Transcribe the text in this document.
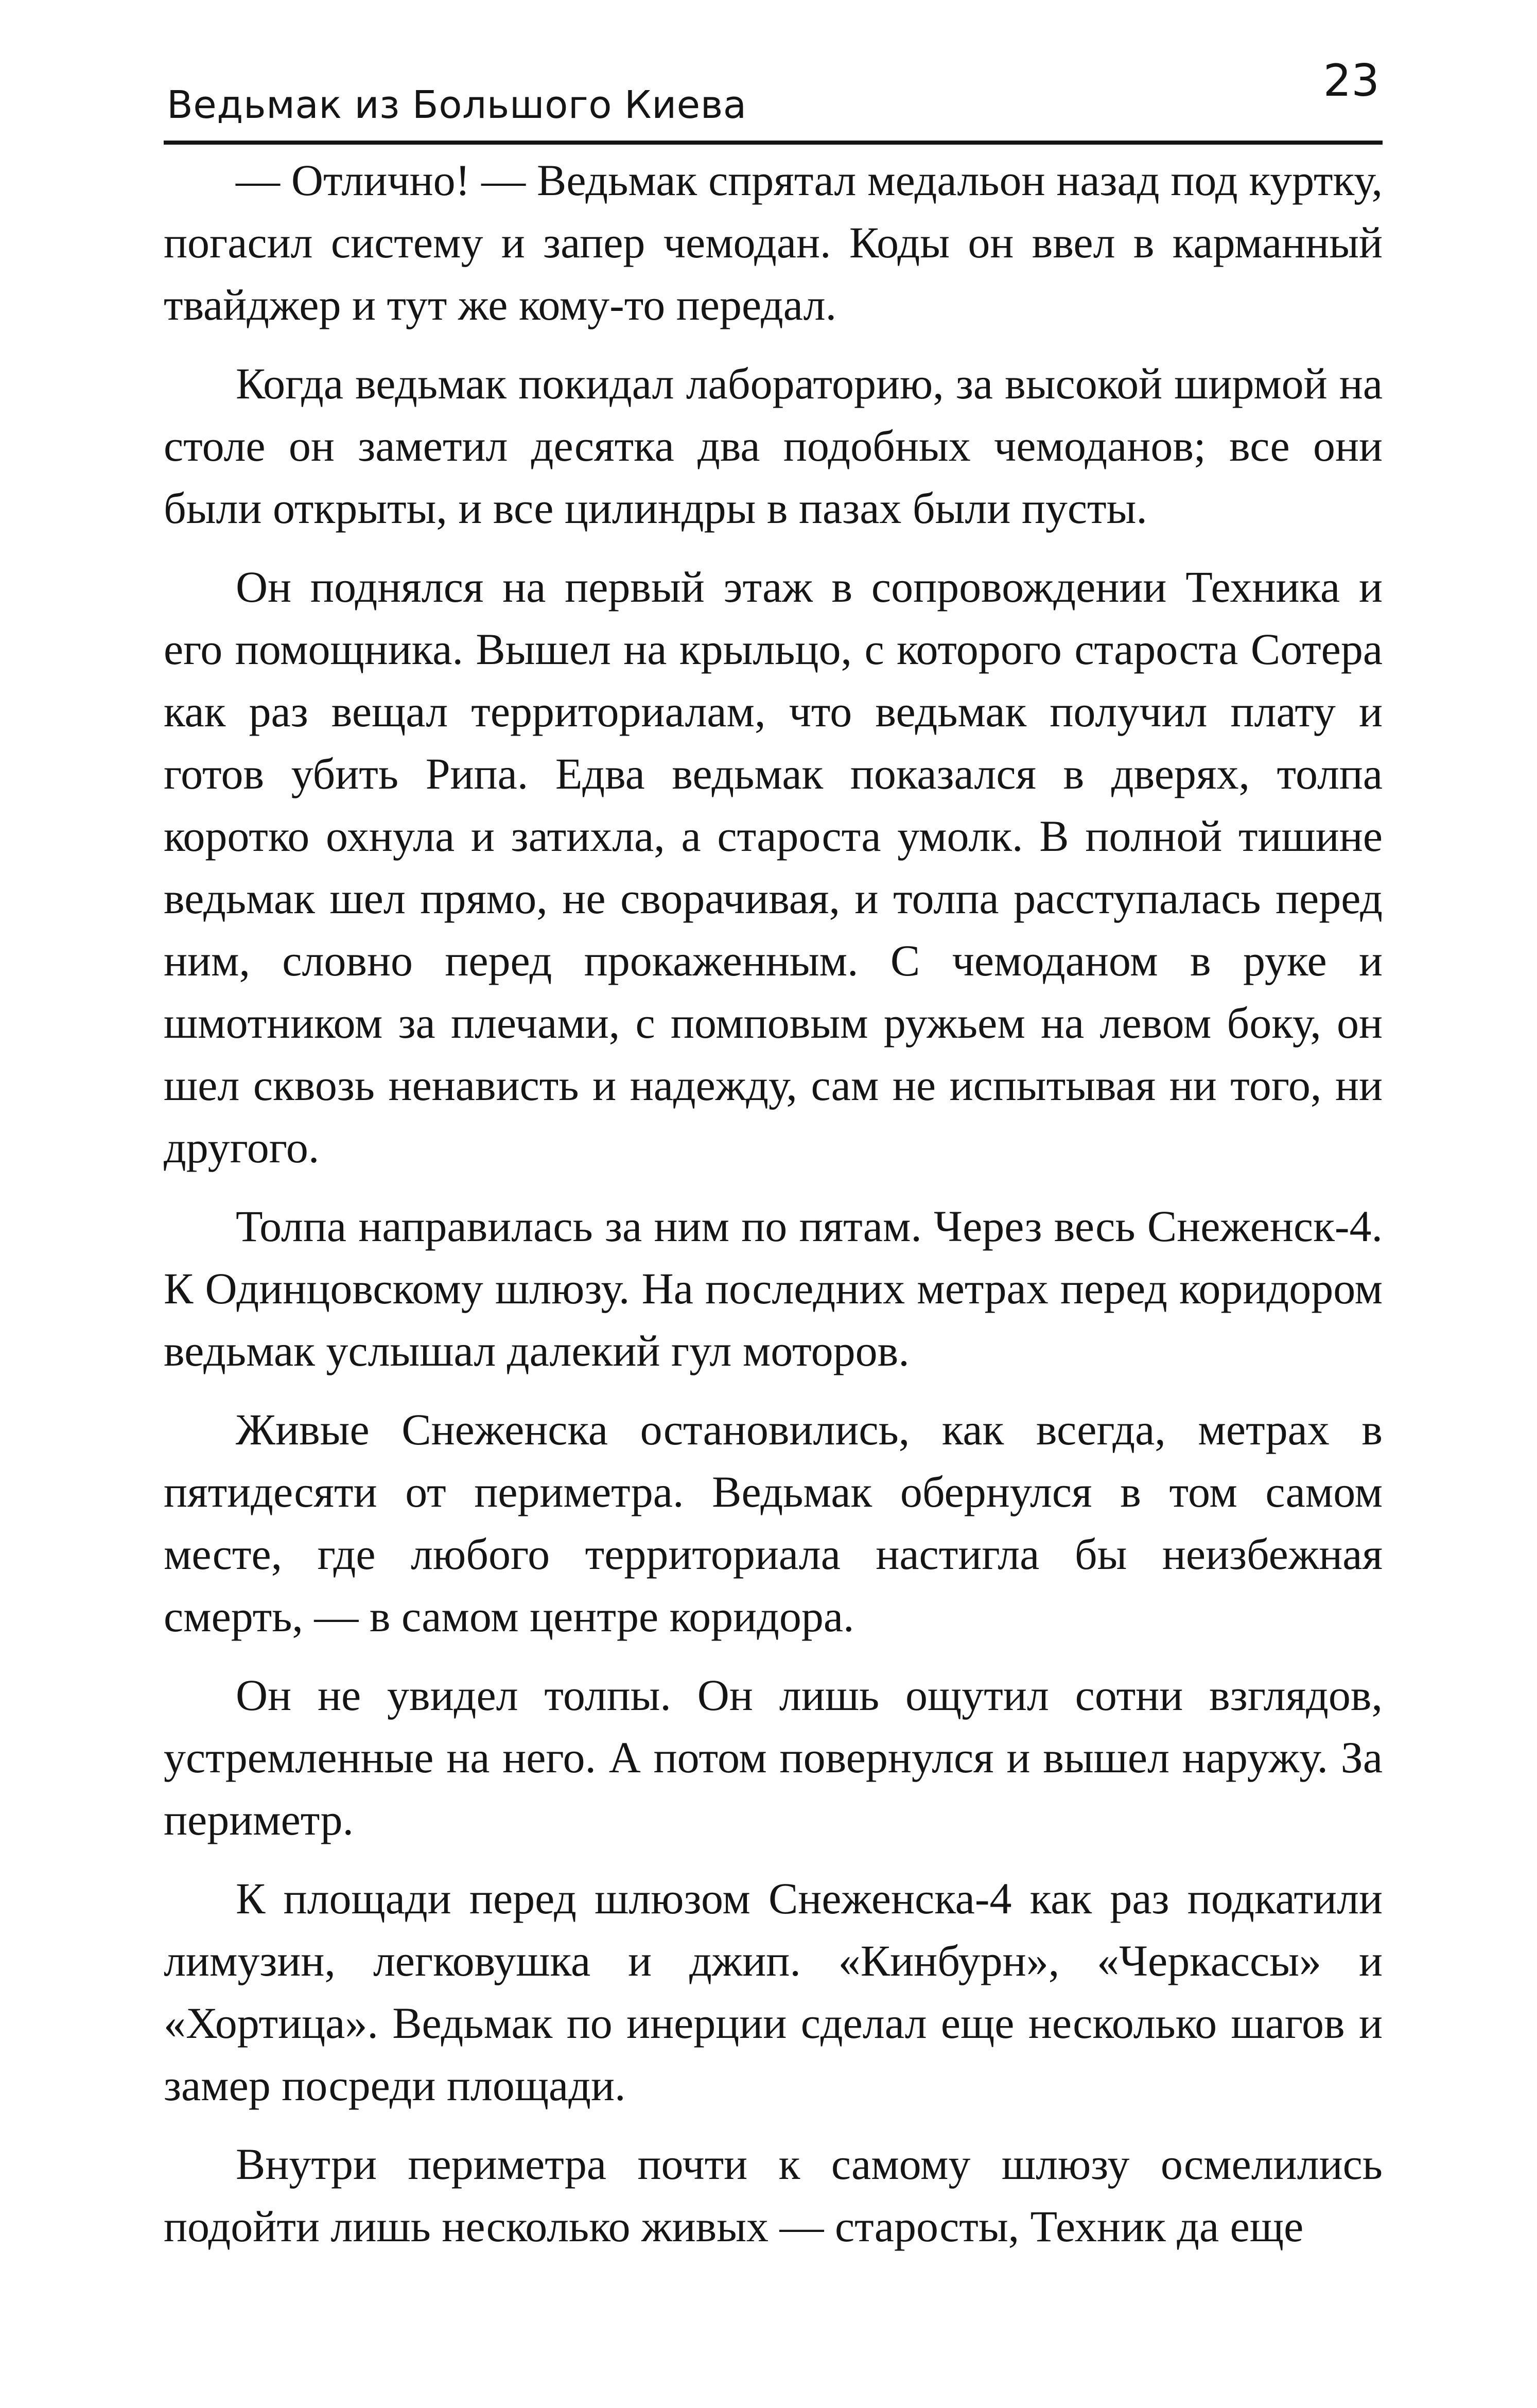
Ведьмак из Большого Киева	23

— Отлично! — Ведьмак спрятал медальон назад под куртку, погасил систему и запер чемодан. Коды он ввел в карманный твайджер и тут же кому-то передал.

Когда ведьмак покидал лабораторию, за высокой ширмой на столе он заметил десятка два подобных чемоданов; все они были открыты, и все цилиндры в пазах были пусты.

Он поднялся на первый этаж в сопровождении Техника и его помощника. Вышел на крыльцо, с которого староста Сотера как раз вещал территориалам, что ведьмак получил плату и готов убить Рипа. Едва ведьмак показался в дверях, толпа коротко охнула и затихла, а староста умолк. В полной тишине ведьмак шел прямо, не сворачивая, и толпа расступалась перед ним, словно перед прокаженным. С чемоданом в руке и шмотником за плечами, с помповым ружьем на левом боку, он шел сквозь ненависть и надежду, сам не испытывая ни того, ни другого.

Толпа направилась за ним по пятам. Через весь Снеженск-4. К Одинцовскому шлюзу. На последних метрах перед коридором ведьмак услышал далекий гул моторов.

Живые Снеженска остановились, как всегда, метрах в пятидесяти от периметра. Ведьмак обернулся в том самом месте, где любого территориала настигла бы неизбежная смерть, — в самом центре коридора.

Он не увидел толпы. Он лишь ощутил сотни взглядов, устремленные на него. А потом повернулся и вышел наружу. За периметр.

К площади перед шлюзом Снеженска-4 как раз подкатили лимузин, легковушка и джип. «Кинбурн», «Черкассы» и «Хортица». Ведьмак по инерции сделал еще несколько шагов и замер посреди площади.

Внутри периметра почти к самому шлюзу осмелились подойти лишь несколько живых — старосты, Техник да еще
